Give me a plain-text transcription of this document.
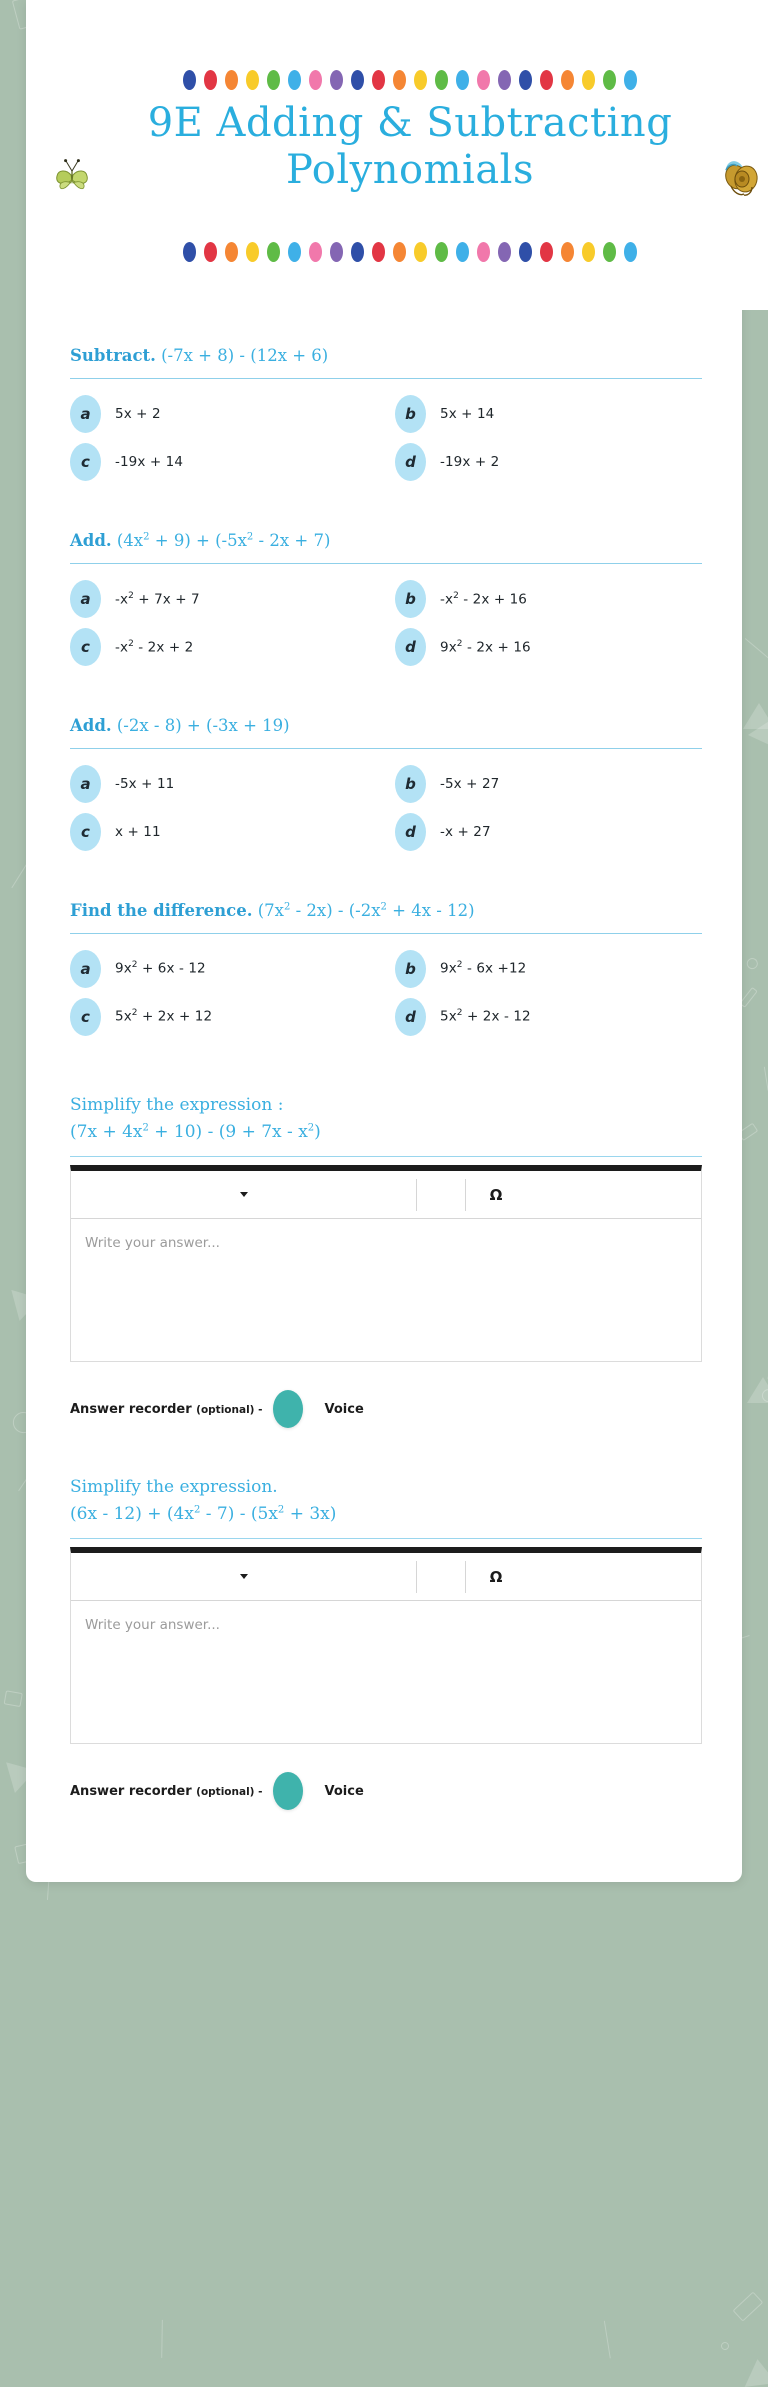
9E Adding & Subtracting Polynomials
Subtract. (-7x + 8) - (12x + 6)
a	5x + 2	b	5x + 14
c	-19x + 14	d	-19x + 2
Add. $(4x^2 + 9) + (-5x^2 - 2x + 7)$
a	$-x^2 + 7x + 7$	b	$-x^2 - 2x + 16$
c	$-x^2 - 2x + 2$	d	$9x^2 - 2x + 16$
Add. (-2x - 8) + (-3x + 19)
a	-5x + 11	b	-5x + 27
c	x + 11	d	-x + 27
Find the difference. $(7x^2 - 2x) - (-2x^2 + 4x - 12)$
a	$9x^2 + 6x - 12$	b	$9x^2 - 6x +12$
c	$5x^2 + 2x + 12$	d	$5x^2 + 2x - 12$
Simplify the expression :
$(7x + 4x^2 + 10) - (9 + 7x - x^2)$
Ω
Write your answer...
Answer recorder (optional) -	Voice
Simplify the expression.
$(6x - 12) + (4x^2 - 7) - (5x^2 + 3x)$
Ω
Write your answer...
Answer recorder (optional) -	Voice
